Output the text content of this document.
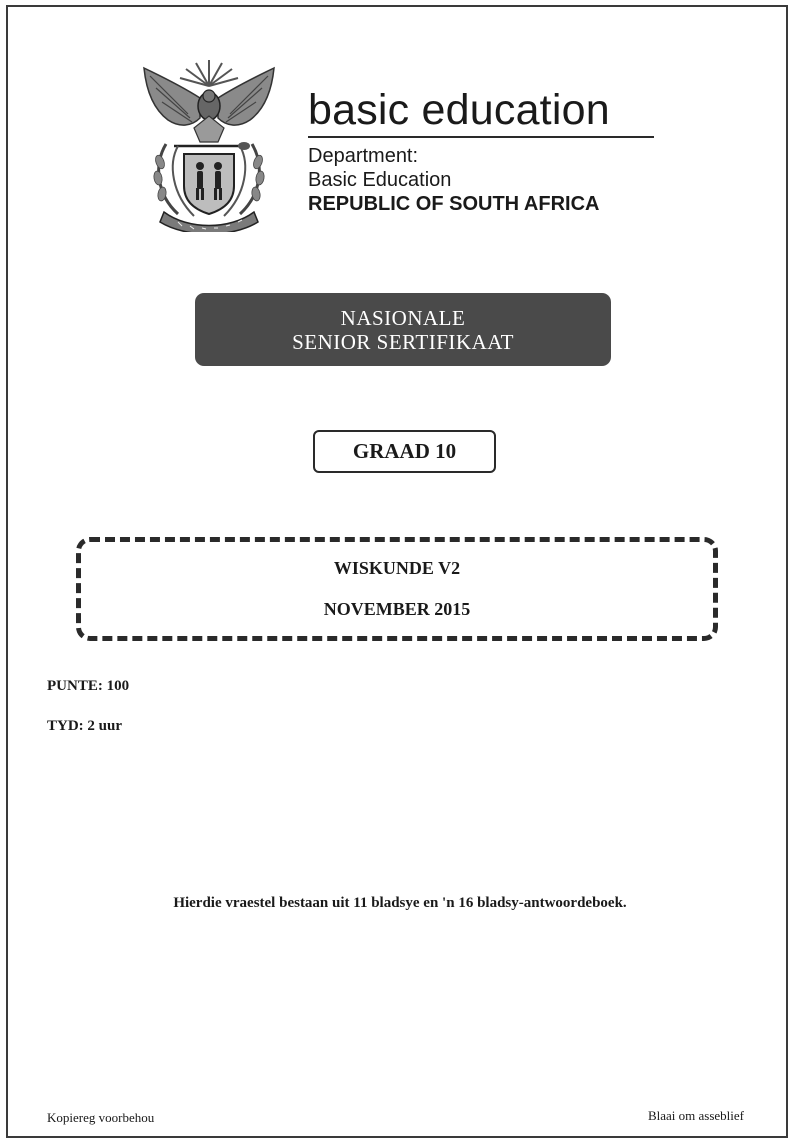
basic education
Department:
Basic Education
REPUBLIC OF SOUTH AFRICA
NASIONALE
SENIOR SERTIFIKAAT
GRAAD 10
WISKUNDE V2
NOVEMBER 2015
PUNTE: 100
TYD: 2 uur
Hierdie vraestel bestaan uit 11 bladsye en 'n 16 bladsy-antwoordeboek.
Kopiereg voorbehou	Blaai om asseblief
